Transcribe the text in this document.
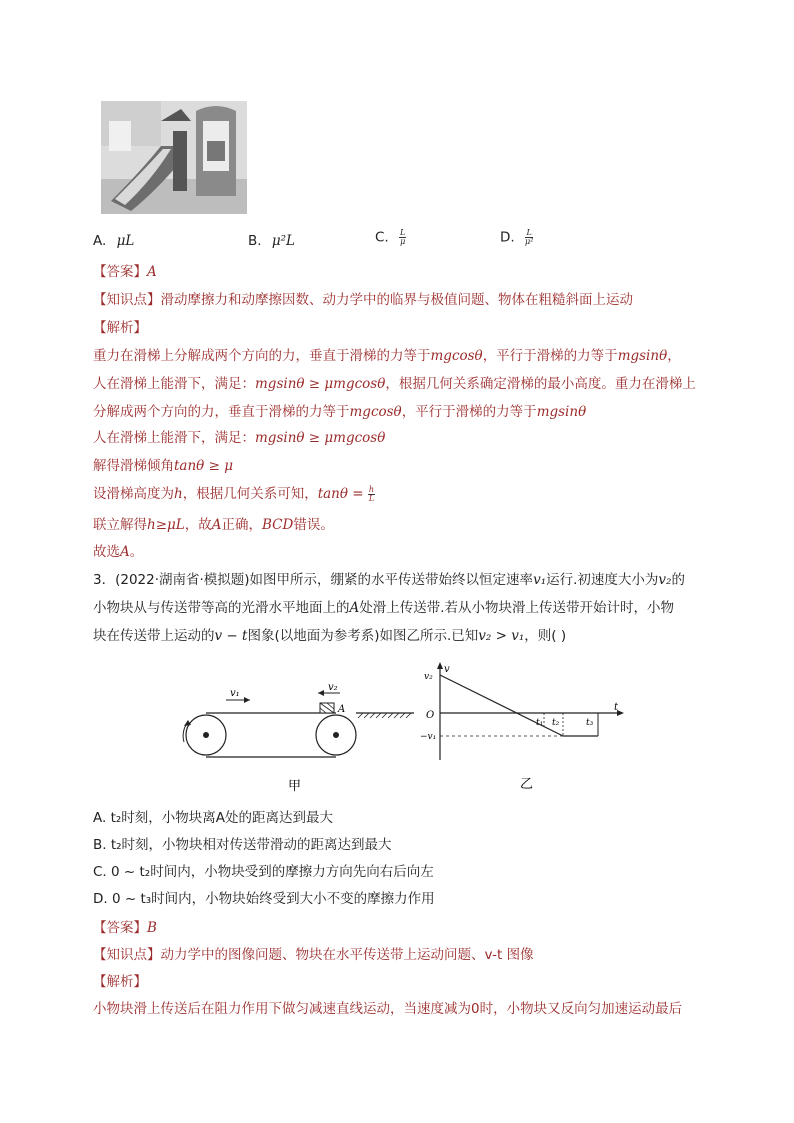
A. μL	B. μ²L	C. $\frac{L}{\mu}$	D. $\frac{L}{\text{μ²}}$
【答案】A
【知识点】滑动摩擦力和动摩擦因数、动力学中的临界与极值问题、物体在粗糙斜面上运动
【解析】
重力在滑梯上分解成两个方向的力，垂直于滑梯的力等于mgcosθ，平行于滑梯的力等于mgsinθ，
人在滑梯上能滑下，满足：mgsinθ ≥ μmgcosθ，根据几何关系确定滑梯的最小高度。重力在滑梯上
分解成两个方向的力，垂直于滑梯的力等于mgcosθ，平行于滑梯的力等于mgsinθ
人在滑梯上能滑下，满足：mgsinθ ≥ μmgcosθ
解得滑梯倾角tanθ ≥ μ
设滑梯高度为h，根据几何关系可知，$\tan\theta = \frac{h}{L}$
联立解得h≥μL，故A正确，BCD错误。
故选A。
3．(2022·湖南省·模拟题)如图甲所示，绷紧的水平传送带始终以恒定速率v₁运行.初速度大小为v₂的
小物块从与传送带等高的光滑水平地面上的A处滑上传送带.若从小物块滑上传送带开始计时，小物
块在传送带上运动的v − t图象(以地面为参考系)如图乙所示.已知v₂ > v₁，则( )
v₁
v₂
A
甲
v
v₂
O
−v₁
t₁ t₂	t₃
t
乙
A. t₂时刻，小物块离A处的距离达到最大
B. t₂时刻，小物块相对传送带滑动的距离达到最大
C. 0 ~ t₂时间内，小物块受到的摩擦力方向先向右后向左
D. 0 ~ t₃时间内，小物块始终受到大小不变的摩擦力作用
【答案】B
【知识点】动力学中的图像问题、物块在水平传送带上运动问题、v-t 图像
【解析】
小物块滑上传送后在阻力作用下做匀减速直线运动，当速度减为0时，小物块又反向匀加速运动最后
